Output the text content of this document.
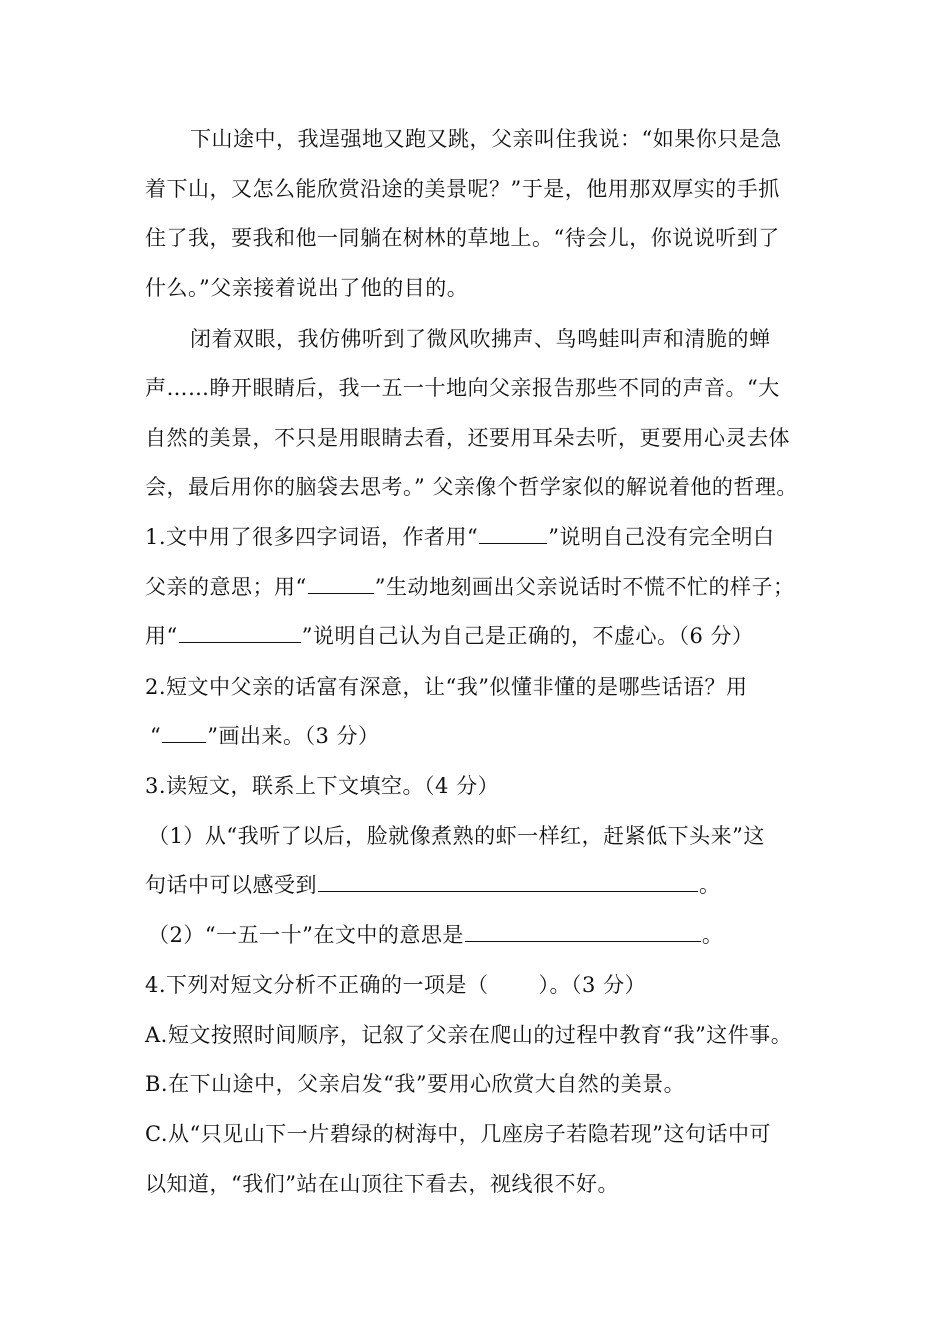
下山途中，我逞强地又跑又跳，父亲叫住我说：“如果你只是急
着下山，又怎么能欣赏沿途的美景呢？”于是，他用那双厚实的手抓
住了我，要我和他一同躺在树林的草地上。“待会儿，你说说听到了
什么。”父亲接着说出了他的目的。
闭着双眼，我仿佛听到了微风吹拂声、鸟鸣蛙叫声和清脆的蝉
声……睁开眼睛后，我一五一十地向父亲报告那些不同的声音。“大
自然的美景，不只是用眼睛去看，还要用耳朵去听，更要用心灵去体
会，最后用你的脑袋去思考。” 父亲像个哲学家似的解说着他的哲理。
1.文中用了很多四字词语，作者用“	”说明自己没有完全明白
父亲的意思；用“	”生动地刻画出父亲说话时不慌不忙的样子；
用“	”说明自己认为自己是正确的，不虚心。（6 分）
2.短文中父亲的话富有深意，让“我”似懂非懂的是哪些话语？用
“ ”画出来。（3 分）
3.读短文，联系上下文填空。（4 分）
（1）从“我听了以后，脸就像煮熟的虾一样红，赶紧低下头来”这
句话中可以感受到	。
（2）“一五一十”在文中的意思是	。
4.下列对短文分析不正确的一项是（ ）。（3 分）
A.短文按照时间顺序，记叙了父亲在爬山的过程中教育“我”这件事。
B.在下山途中，父亲启发“我”要用心欣赏大自然的美景。
C.从“只见山下一片碧绿的树海中，几座房子若隐若现”这句话中可
以知道，“我们”站在山顶往下看去，视线很不好。
